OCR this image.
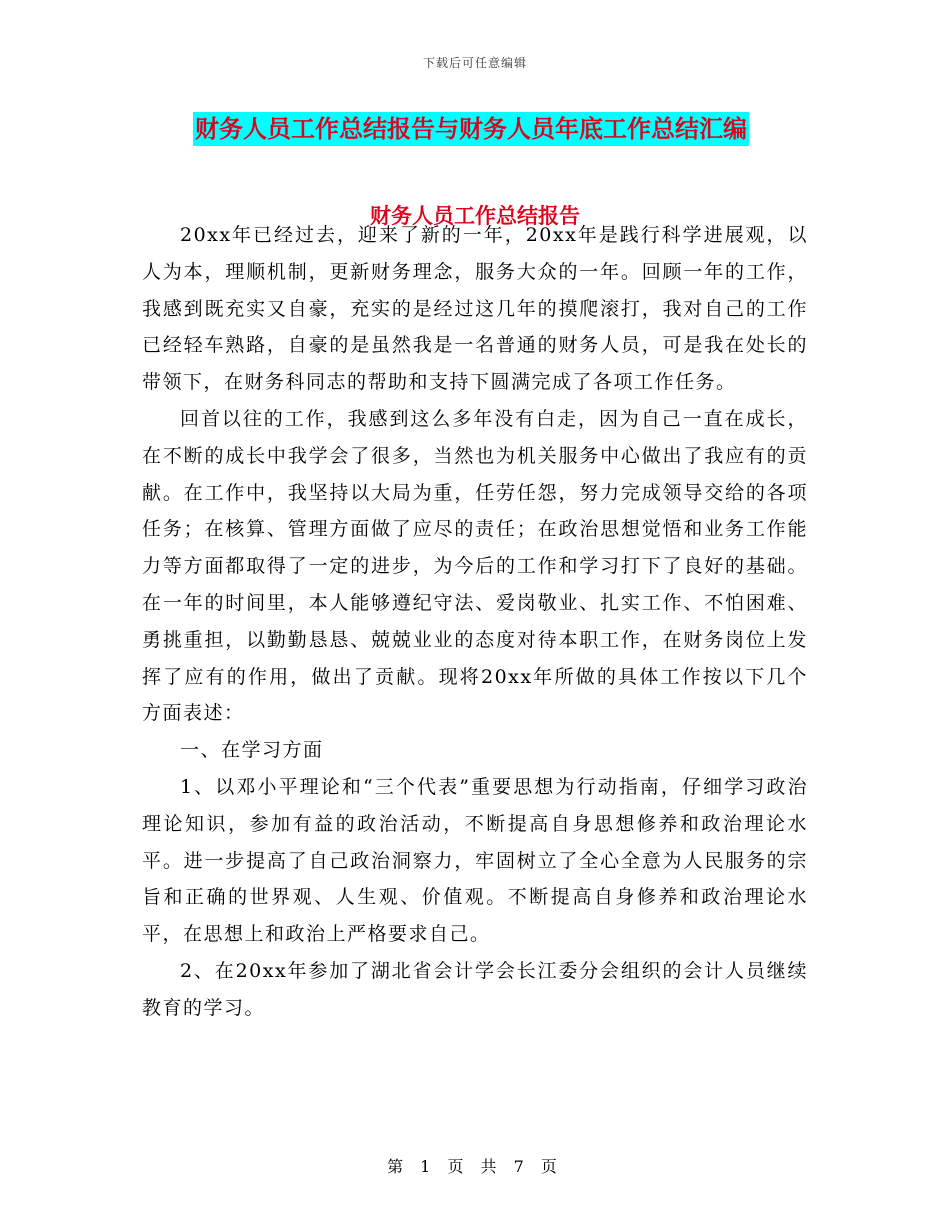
下载后可任意编辑
财务人员工作总结报告与财务人员年底工作总结汇编
财务人员工作总结报告

20xx年已经过去，迎来了新的一年，20xx年是践行科学进展观，以人为本，理顺机制，更新财务理念，服务大众的一年。回顾一年的工作，我感到既充实又自豪，充实的是经过这几年的摸爬滚打，我对自己的工作已经轻车熟路，自豪的是虽然我是一名普通的财务人员，可是我在处长的带领下，在财务科同志的帮助和支持下圆满完成了各项工作任务。

回首以往的工作，我感到这么多年没有白走，因为自己一直在成长，在不断的成长中我学会了很多，当然也为机关服务中心做出了我应有的贡献。在工作中，我坚持以大局为重，任劳任怨，努力完成领导交给的各项任务；在核算、管理方面做了应尽的责任；在政治思想觉悟和业务工作能力等方面都取得了一定的进步，为今后的工作和学习打下了良好的基础。在一年的时间里，本人能够遵纪守法、爱岗敬业、扎实工作、不怕困难、勇挑重担，以勤勤恳恳、兢兢业业的态度对待本职工作，在财务岗位上发挥了应有的作用，做出了贡献。现将20xx年所做的具体工作按以下几个方面表述：

一、在学习方面

1、以邓小平理论和“三个代表”重要思想为行动指南，仔细学习政治理论知识，参加有益的政治活动，不断提高自身思想修养和政治理论水平。进一步提高了自己政治洞察力，牢固树立了全心全意为人民服务的宗旨和正确的世界观、人生观、价值观。不断提高自身修养和政治理论水平，在思想上和政治上严格要求自己。

2、在20xx年参加了湖北省会计学会长江委分会组织的会计人员继续教育的学习。

第 1 页 共 7 页
